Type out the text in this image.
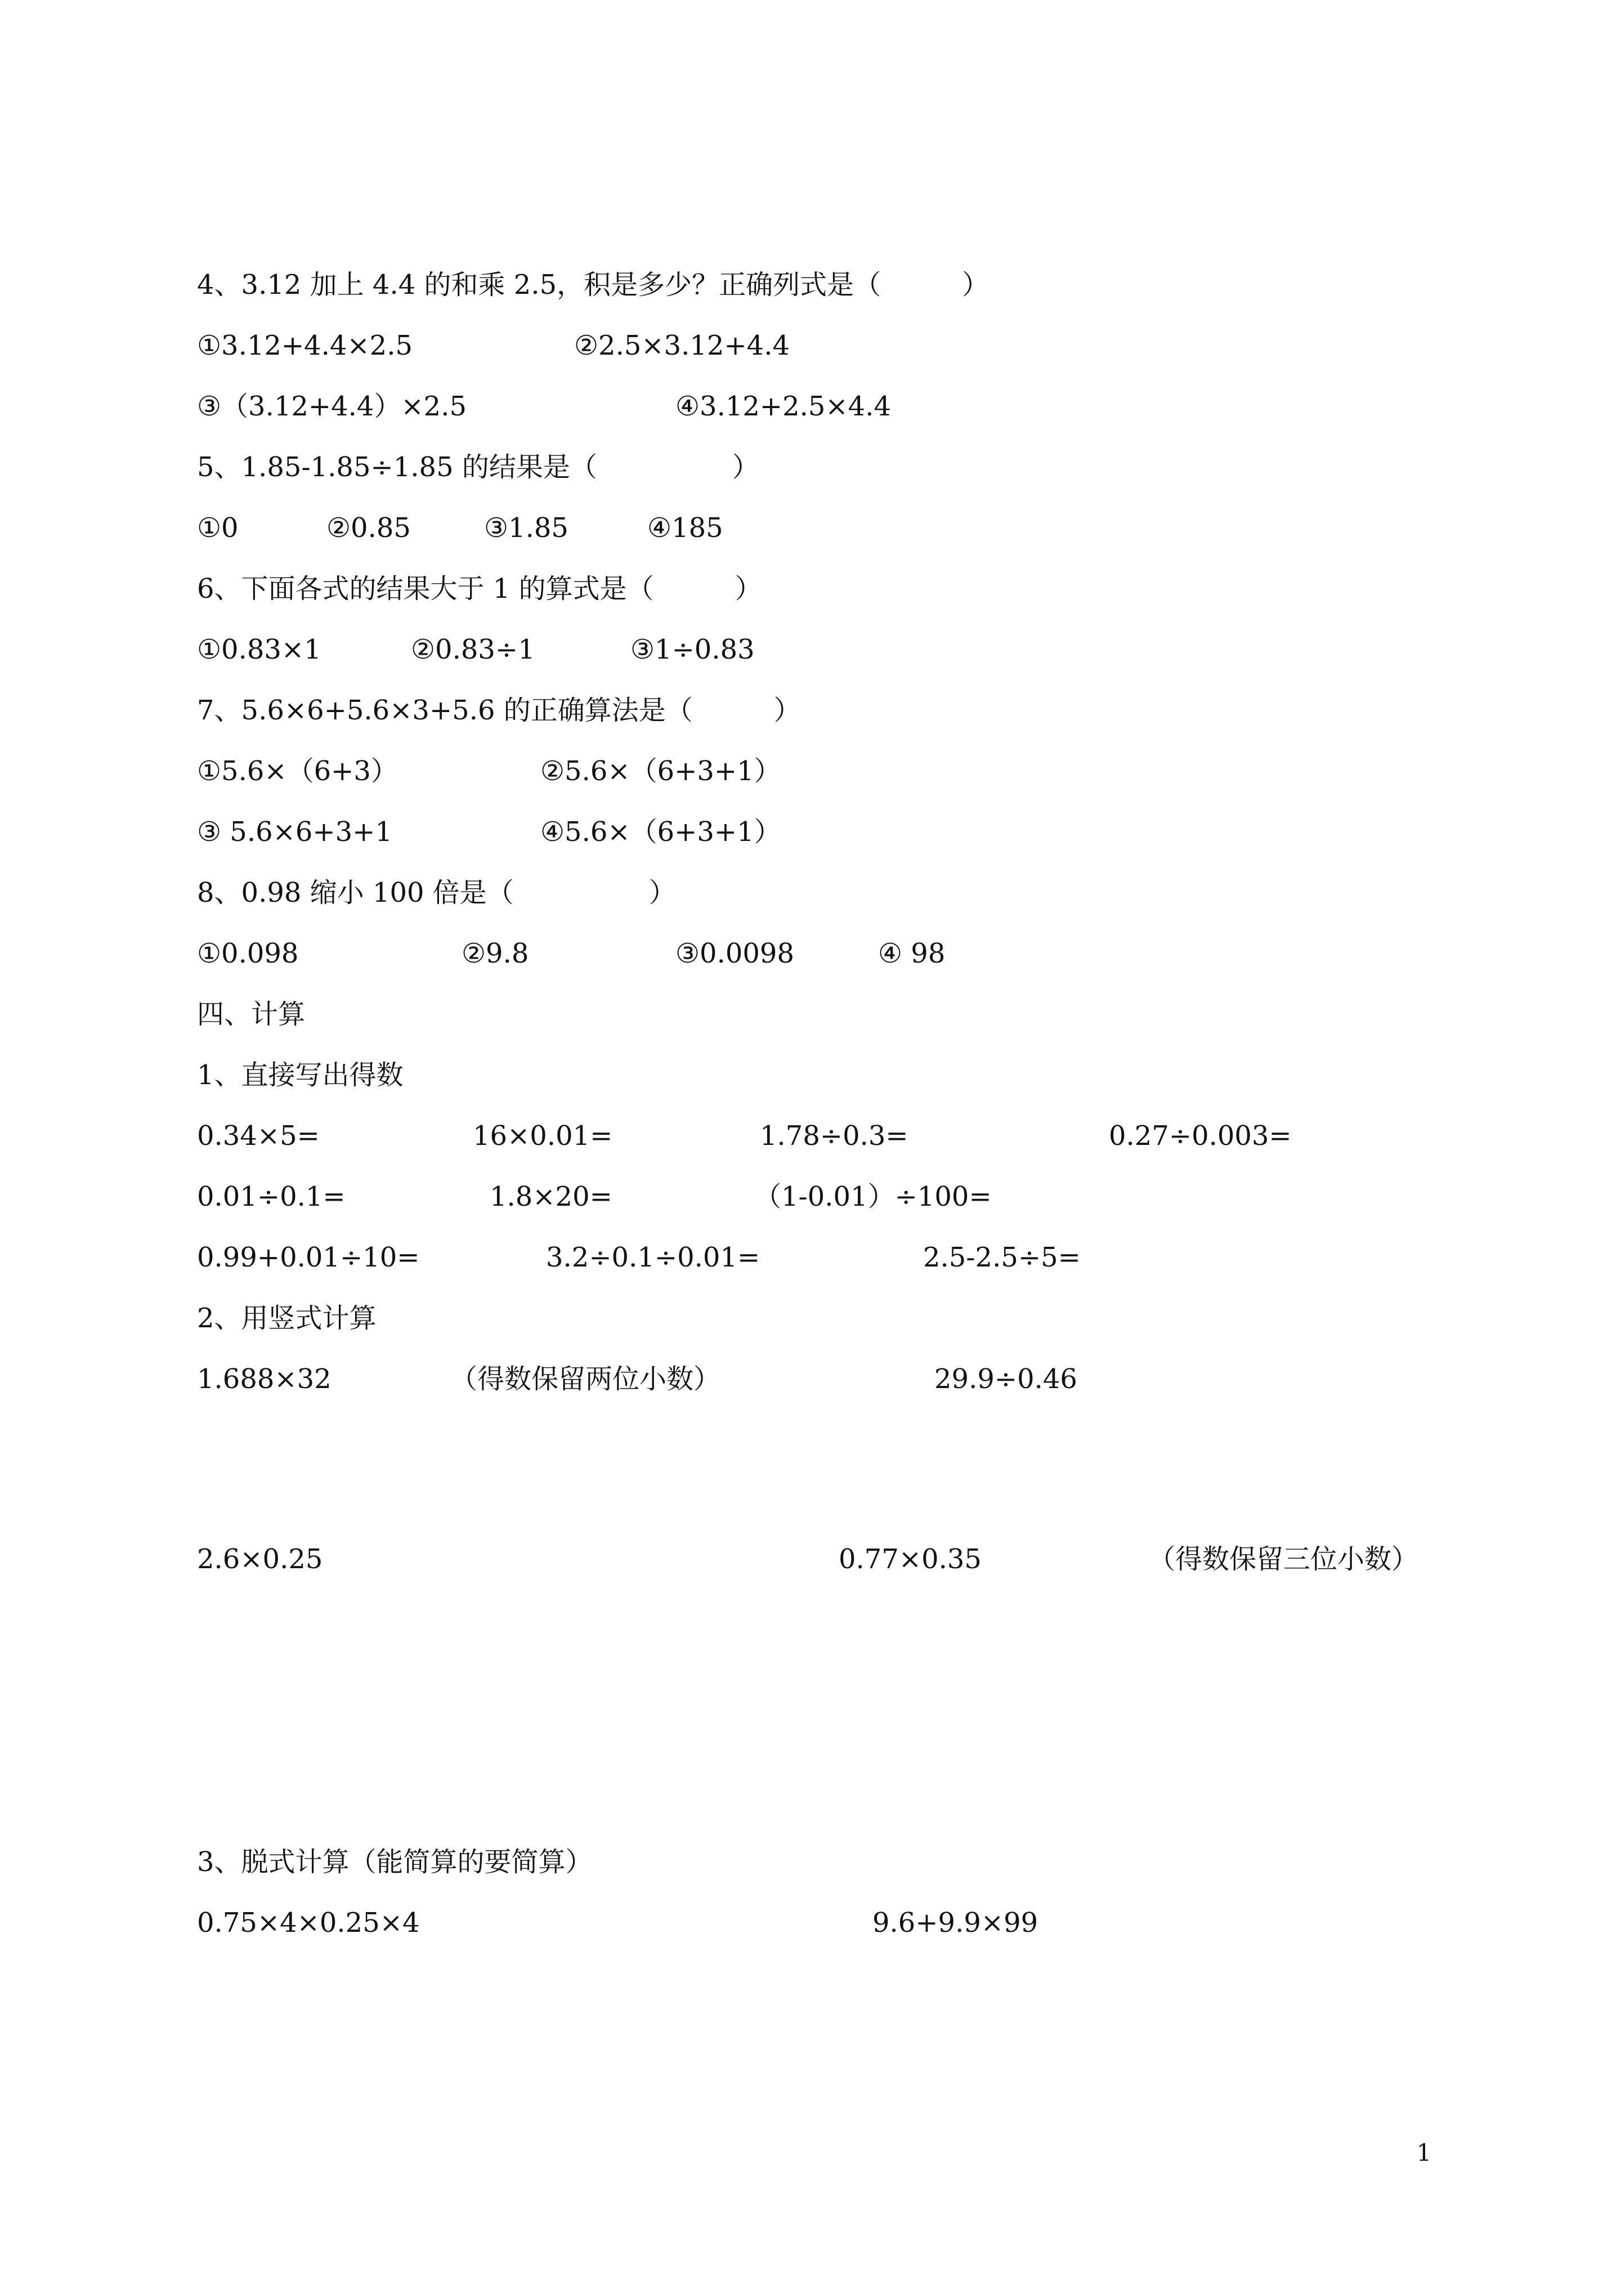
4、3.12 加上 4.4 的和乘 2.5，积是多少？正确列式是（　　　）
①3.12+4.4×2.5	②2.5×3.12+4.4
③（3.12+4.4）×2.5	④3.12+2.5×4.4
5、1.85-1.85÷1.85 的结果是（　　　　　）
①0	②0.85	③1.85	④185
6、下面各式的结果大于 1 的算式是（　　　）
①0.83×1	②0.83÷1	③1÷0.83
7、5.6×6+5.6×3+5.6 的正确算法是（　　　）
①5.6×（6+3）	②5.6×（6+3+1）
③ 5.6×6+3+1	④5.6×（6+3+1）
8、0.98 缩小 100 倍是（　　　　　）
①0.098	②9.8	③0.0098	④ 98
四、计算
1、直接写出得数
0.34×5=	16×0.01=	1.78÷0.3=	0.27÷0.003=
0.01÷0.1=	1.8×20=	（1-0.01）÷100=
0.99+0.01÷10=	3.2÷0.1÷0.01=	2.5-2.5÷5=
2、用竖式计算
1.688×32	（得数保留两位小数）	29.9÷0.46
2.6×0.25	0.77×0.35	（得数保留三位小数）
3、脱式计算（能简算的要简算）
0.75×4×0.25×4	9.6+9.9×99
1
